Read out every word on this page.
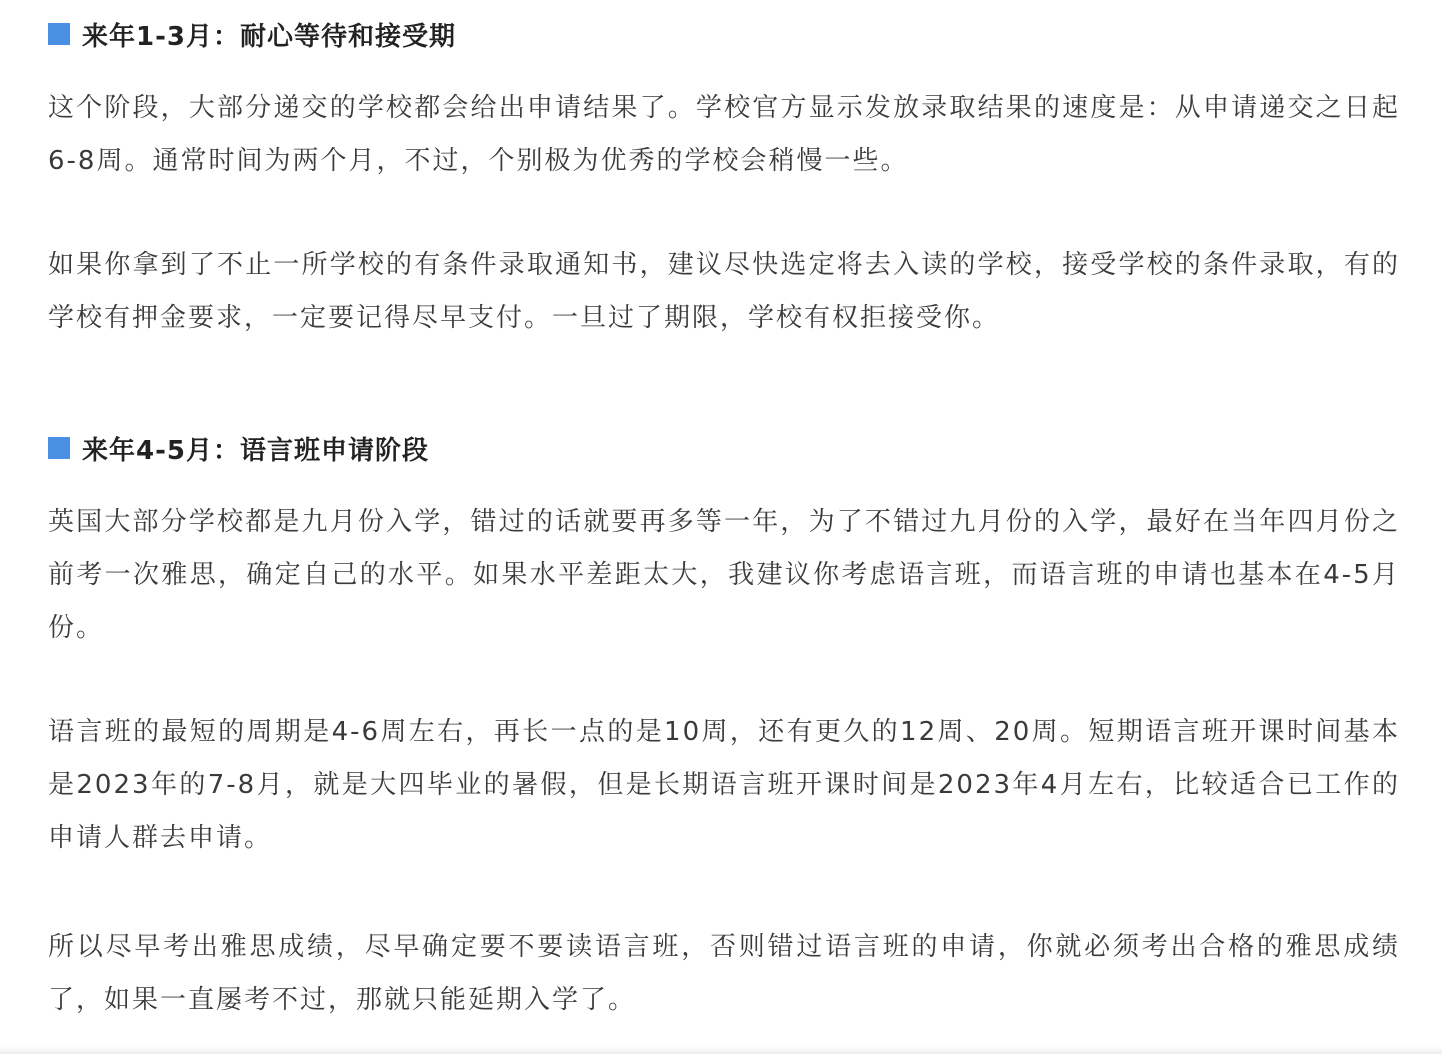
来年1-3月：耐心等待和接受期

这个阶段，大部分递交的学校都会给出申请结果了。学校官方显示发放录取结果的速度是：从申请递交之日起6-8周。通常时间为两个月，不过，个别极为优秀的学校会稍慢一些。

如果你拿到了不止一所学校的有条件录取通知书，建议尽快选定将去入读的学校，接受学校的条件录取，有的学校有押金要求，一定要记得尽早支付。一旦过了期限，学校有权拒接受你。

来年4-5月：语言班申请阶段

英国大部分学校都是九月份入学，错过的话就要再多等一年，为了不错过九月份的入学，最好在当年四月份之前考一次雅思，确定自己的水平。如果水平差距太大，我建议你考虑语言班，而语言班的申请也基本在4-5月份。

语言班的最短的周期是4-6周左右，再长一点的是10周，还有更久的12周、20周。短期语言班开课时间基本是2023年的7-8月，就是大四毕业的暑假，但是长期语言班开课时间是2023年4月左右，比较适合已工作的申请人群去申请。

所以尽早考出雅思成绩，尽早确定要不要读语言班，否则错过语言班的申请，你就必须考出合格的雅思成绩了，如果一直屡考不过，那就只能延期入学了。
